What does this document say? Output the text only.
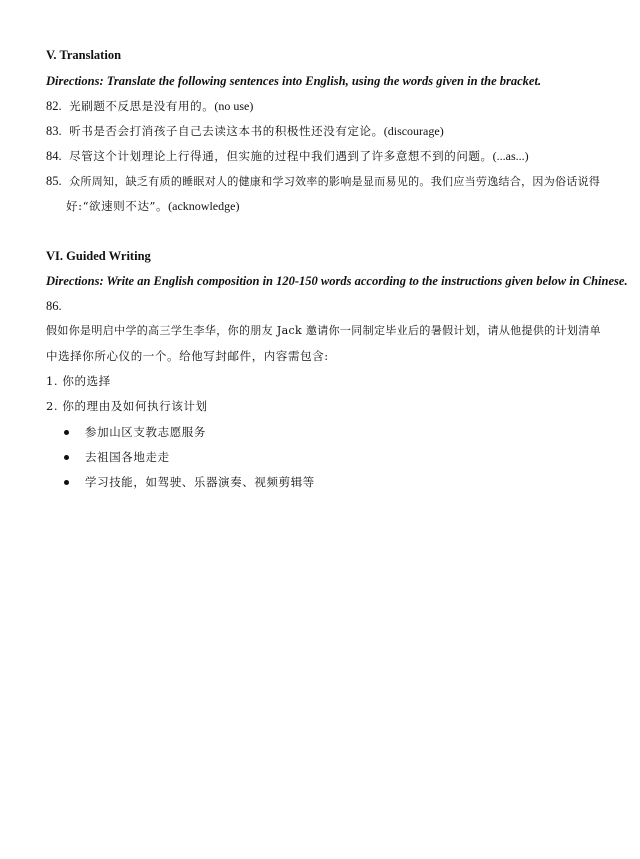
V. Translation
Directions: Translate the following sentences into English, using the words given in the bracket.
82. 光刷题不反思是没有用的。(no use)
83. 听书是否会打消孩子自己去读这本书的积极性还没有定论。(discourage)
84. 尽管这个计划理论上行得通，但实施的过程中我们遇到了许多意想不到的问题。(...as...)
85. 众所周知，缺乏有质的睡眠对人的健康和学习效率的影响是显而易见的。我们应当劳逸结合，因为俗话说得
好:“欲速则不达”。(acknowledge)
VI. Guided Writing
Directions: Write an English composition in 120-150 words according to the instructions given below in Chinese.
86.
假如你是明启中学的高三学生李华，你的朋友 Jack 邀请你一同制定毕业后的暑假计划，请从他提供的计划清单
中选择你所心仪的一个。给他写封邮件，内容需包含:
1. 你的选择
2. 你的理由及如何执行该计划
参加山区支教志愿服务
去祖国各地走走
学习技能，如驾驶、乐器演奏、视频剪辑等
